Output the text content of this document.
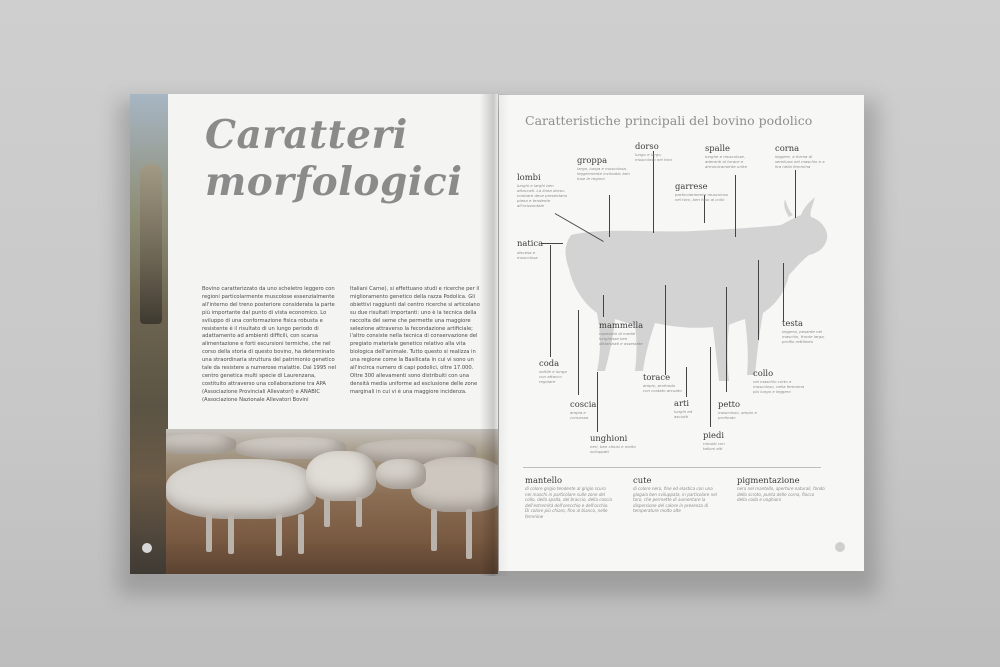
Caratteri
morfologici

Bovino caratterizzato da uno scheletro leggero con regioni particolarmente muscolose essenzialmente all'interno del treno posteriore considerata la parte più importante dal punto di vista economico. Lo sviluppo di una conformazione fisica robusta e resistente è il risultato di un lungo periodo di adattamento ad ambienti difficili, con scarsa alimentazione e forti escursioni termiche, che nel corso della storia di questo bovino, ha determinato una straordinaria struttura del patrimonio genetico tale da resistere a numerose malattie. Dal 1995 nel centro genetica multi specie di Laurenzana, costituito attraverso una collaborazione tra APA (Associazione Provinciali Allevatori) e ANABIC (Associazione Nazionale Allevatori Bovini

Italiani Carne), si effettuano studi e ricerche per il miglioramento genetico della razza Podolica. Gli obiettivi raggiunti dal centro ricerche si articolano su due risultati importanti: uno è la tecnica della raccolta del seme che permette una maggiore selezione attraverso la fecondazione artificiale; l'altro consiste nella tecnica di conservazione del pregiato materiale genetico relativo alla vita biologica dell'animale. Tutto questo si realizza in una regione come la Basilicata in cui vi sono un all'incirca numero di capi podolici, oltre 17.000. Oltre 300 allevamenti sono distribuiti con una densità media uniforme ad esclusione delle zone marginali in cui vi è una maggiore incidenza.

Caratteristiche principali del bovino podolico
lombi
lunghi e larghi ben attaccati. La linea dorso-lombare deve presentarsi piana e tendente all'orizzontale
groppa
larga, lunga e muscolosa, leggermente inclinata; ben fuse le regioni
dorso
lungo e largo, muscoloso nel toro
spalle
lunghe e muscolose, aderenti al torace e armonicamente unite
corna
leggere, a forma di semiluna nel maschio e a lira nella femmina
garrese
particolarmente muscoloso nel toro, ben fuso al collo
natica
discesa e muscolosa
mammella
capezzoli di medie lunghezza ben distanziati e assestate
testa
leggera, pesante nel maschio, fronte larga, profilo rettilineo
coda
sottile e lunga con attacco regolare	torace
ampio, profondo con costato arcuato
collo
nel maschio corto e muscoloso, nella femmina più lungo e leggero
coscia
ampia e convessa
arti
lunghi ed asciutti
petto
muscoloso, ampio e profondo
unghioni
neri, ben chiusi e molto sviluppati
piedi
robusti con talloni alti
mantello
di colore grigio tendente al grigio scuro nei maschi in particolare sulle zone del collo, della spalla, del braccio, della coscia dell'estremità dell'orecchio e dell'occhio. Di colore più chiaro, fino al bianco, nelle femmine
cute
di colore nero, fine ed elastica con una giogaia ben sviluppata, in particolare nel toro, che permette di aumentare la dispersione del calore in presenza di temperature molto alte
pigmentazione
nera nel mantello, aperture naturali, fondo dello scroto, punta delle corna, fiocco della coda e unghioni
